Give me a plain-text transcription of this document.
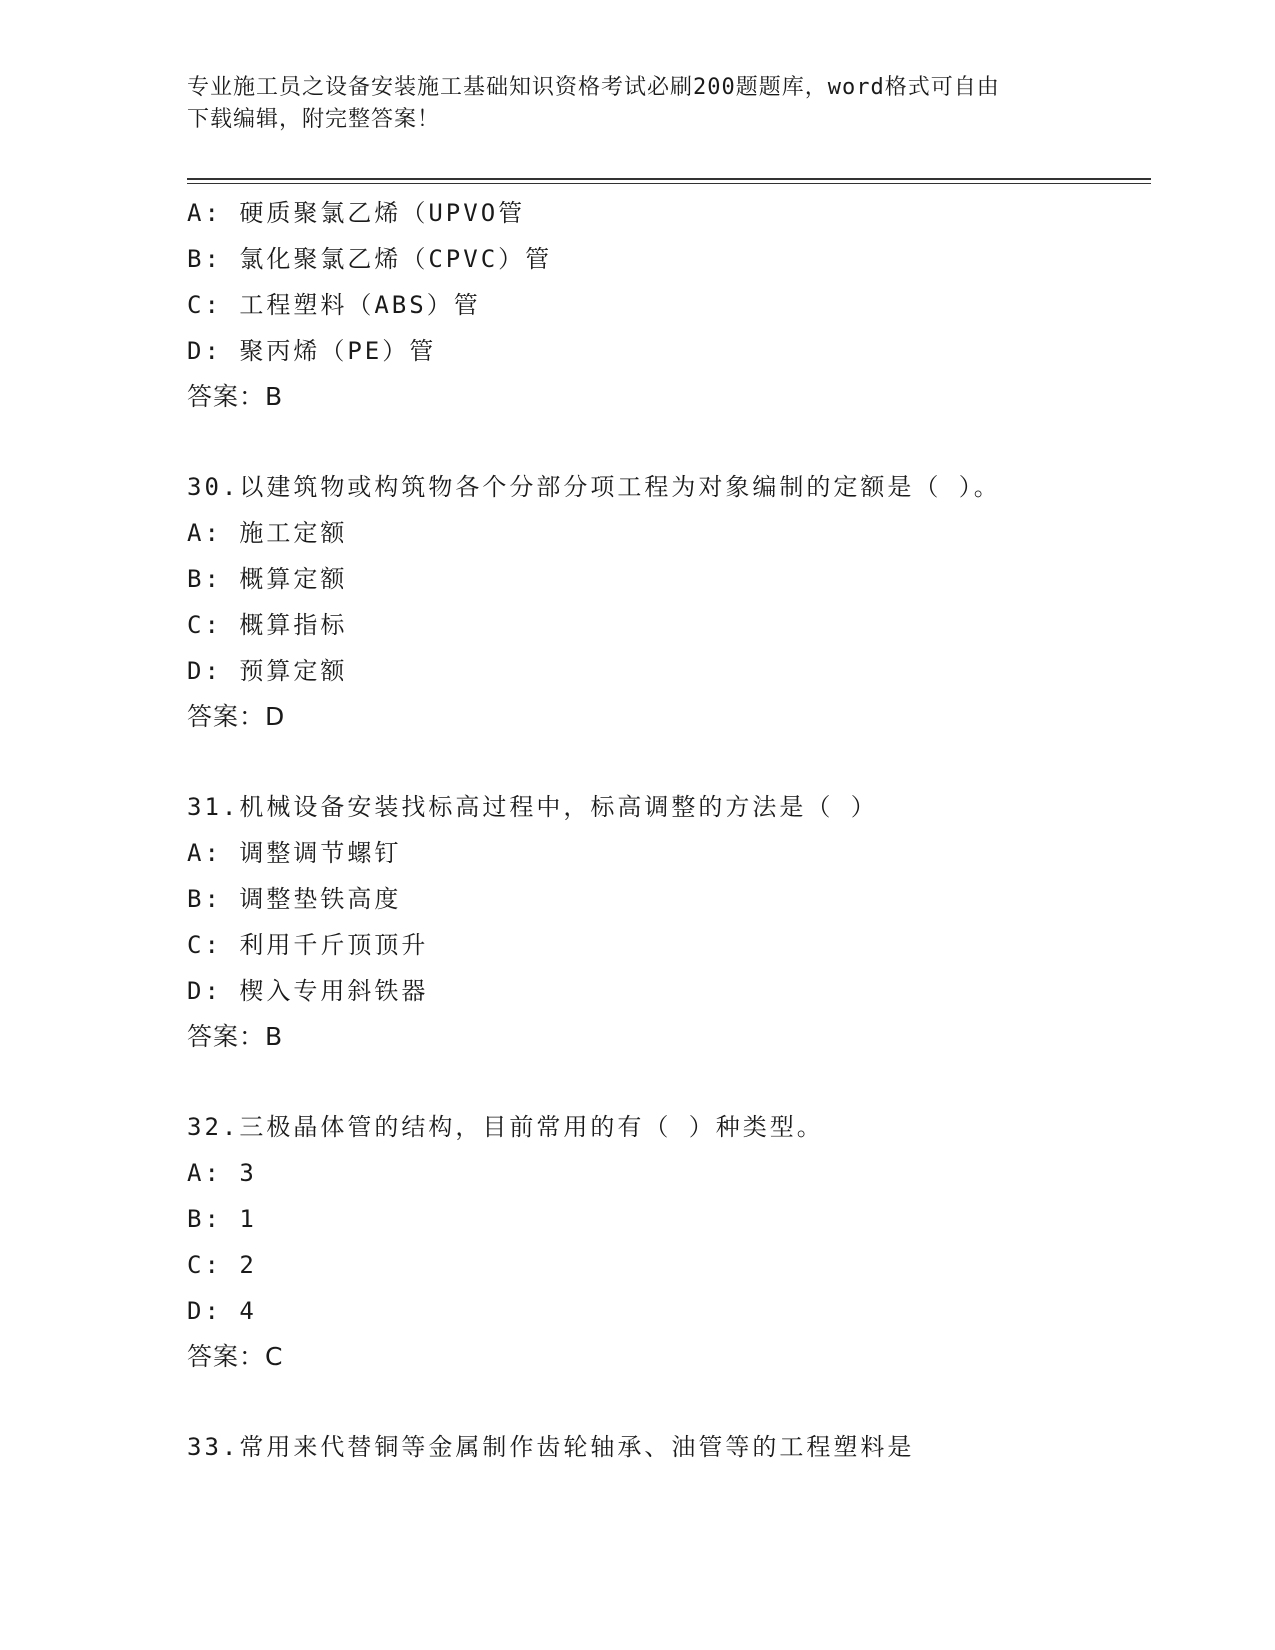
专业施工员之设备安装施工基础知识资格考试必刷200题题库，word格式可自由
下载编辑，附完整答案！
A: 硬质聚氯乙烯（UPVO管
B: 氯化聚氯乙烯（CPVC）管
C: 工程塑料（ABS）管
D: 聚丙烯（PE）管
答案：B
30.以建筑物或构筑物各个分部分项工程为对象编制的定额是（ ）。
A: 施工定额
B: 概算定额
C: 概算指标
D: 预算定额
答案：D
31.机械设备安装找标高过程中，标高调整的方法是（ ）
A: 调整调节螺钉
B: 调整垫铁高度
C: 利用千斤顶顶升
D: 楔入专用斜铁器
答案：B
32.三极晶体管的结构，目前常用的有（ ）种类型。
A: 3
B: 1
C: 2
D: 4
答案：C
33.常用来代替铜等金属制作齿轮轴承、油管等的工程塑料是
